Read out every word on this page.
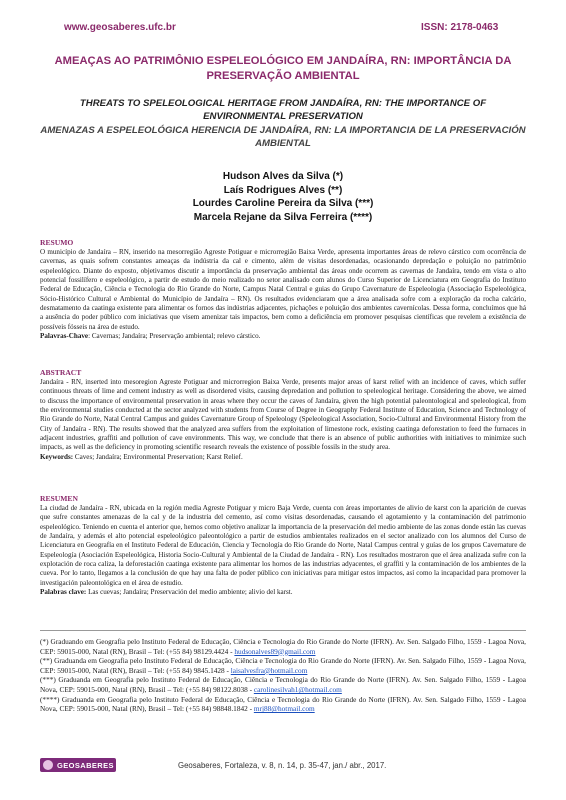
www.geosaberes.ufc.br	ISSN: 2178-0463
AMEAÇAS AO PATRIMÔNIO ESPELEOLÓGICO EM JANDAÍRA, RN: IMPORTÂNCIA DA PRESERVAÇÃO AMBIENTAL
THREATS TO SPELEOLOGICAL HERITAGE FROM JANDAÍRA, RN: THE IMPORTANCE OF ENVIRONMENTAL PRESERVATION
AMENAZAS A ESPELEOLÓGICA HERENCIA DE JANDAÍRA, RN: LA IMPORTANCIA DE LA PRESERVACIÓN AMBIENTAL
Hudson Alves da Silva (*)
Laís Rodrigues Alves (**)
Lourdes Caroline Pereira da Silva (***)
Marcela Rejane da Silva Ferreira (****)
RESUMO
O município de Jandaíra – RN, inserido na mesorregião Agreste Potiguar e microrregião Baixa Verde, apresenta importantes áreas de relevo cárstico com ocorrência de cavernas, as quais sofrem constantes ameaças da indústria da cal e cimento, além de visitas desordenadas, ocasionando depredação e poluição no patrimônio espeleológico. Diante do exposto, objetivamos discutir a importância da preservação ambiental das áreas onde ocorrem as cavernas de Jandaíra, tendo em vista o alto potencial fossilífero e espeleológico, a partir de estudo do meio realizado no setor analisado com alunos do Curso Superior de Licenciatura em Geografia do Instituto Federal de Educação, Ciência e Tecnologia do Rio Grande do Norte, Campus Natal Central e guias do Grupo Cavernature de Espeleologia (Associação Espeleológica, Sócio-Histórico Cultural e Ambiental do Município de Jandaíra – RN). Os resultados evidenciaram que a área analisada sofre com a exploração da rocha calcário, desmatamento da caatinga existente para alimentar os fornos das indústrias adjacentes, pichações e poluição dos ambientes cavernícolas. Dessa forma, concluímos que há a ausência do poder público com iniciativas que visem amenizar tais impactos, bem como a deficiência em promover pesquisas científicas que revelem a existência de possíveis fósseis na área de estudo.
Palavras-Chave: Cavernas; Jandaíra; Preservação ambiental; relevo cárstico.
ABSTRACT
Jandaíra - RN, inserted into mesoregion Agreste Potiguar and microrregion Baixa Verde, presents major areas of karst relief with an incidence of caves, which suffer continuous threats of lime and cement industry as well as disordered visits, causing depredation and pollution to speleological heritage. Considering the above, we aimed to discuss the importance of environmental preservation in areas where they occur the caves of Jandaíra, given the high potential paleontological and speleological, from the environmental studies conducted at the sector analyzed with students from Course of Degree in Geography Federal Institute of Education, Science and Technology of Rio Grande do Norte, Natal Central Campus and guides Cavernature Group of Speleology (Speleological Association, Socio-Cultural and Environmental History from the City of Jandaíra - RN). The results showed that the analyzed area suffers from the exploitation of limestone rock, existing caatinga deforestation to feed the furnaces in adjacent industries, graffiti and pollution of cave environments. This way, we conclude that there is an absence of public authorities with initiatives to minimize such impacts, as well as the deficiency in promoting scientific research reveals the existence of possible fossils in the study area.
Keywords: Caves; Jandaíra; Environmental Preservation; Karst Relief.
RESUMEN
La ciudad de Jandaíra - RN, ubicada en la región media Agreste Potiguar y micro Baja Verde, cuenta con áreas importantes de alivio de karst con la aparición de cuevas que sufre constantes amenazas de la cal y de la industria del cemento, así como visitas desordenadas, causando el agotamiento y la contaminación del patrimonio espeleológico. Teniendo en cuenta el anterior que, hemos como objetivo analizar la importancia de la preservación del medio ambiente de las zonas donde están las cuevas de Jandaíra, y además el alto potencial espeleológico paleontológico a partir de estudios ambientales realizados en el sector analizado con los alumnos del Curso de Licenciatura en Geografía en el Instituto Federal de Educación, Ciencia y Tecnología do Rio Grande do Norte, Natal Campus central y guías de los grupos Cavernature de Espeleología (Asociación Espeleológica, Historia Socio-Cultural y Ambiental de la Ciudad de Jandaíra - RN). Los resultados mostraron que el área analizada sufre con la explotación de roca caliza, la deforestación caatinga existente para alimentar los hornos de las industrias adyacentes, el graffiti y la contaminación de los ambientes de la cueva. Por lo tanto, llegamos a la conclusión de que hay una falta de poder público con iniciativas para mitigar estos impactos, así como la incapacidad para promover la investigación paleontológica en el área de estudio.
Palabras clave: Las cuevas; Jandaíra; Preservación del medio ambiente; alivio del karst.
(*) Graduando em Geografia pelo Instituto Federal de Educação, Ciência e Tecnologia do Rio Grande do Norte (IFRN). Av. Sen. Salgado Filho, 1559 - Lagoa Nova, CEP: 59015-000, Natal (RN), Brasil – Tel: (+55 84) 98129.4424 - hudsonalves89@gmail.com
(**) Graduanda em Geografia pelo Instituto Federal de Educação, Ciência e Tecnologia do Rio Grande do Norte (IFRN). Av. Sen. Salgado Filho, 1559 - Lagoa Nova, CEP: 59015-000, Natal (RN), Brasil – Tel: (+55 84) 9845.1428 - laisalvesfra@hotmail.com
(***) Graduanda em Geografia pelo Instituto Federal de Educação, Ciência e Tecnologia do Rio Grande do Norte (IFRN). Av. Sen. Salgado Filho, 1559 - Lagoa Nova, CEP: 59015-000, Natal (RN), Brasil – Tel: (+55 84) 98122.8038 - carolinesilvah1@hotmail.com
(****) Graduanda em Geografia pelo Instituto Federal de Educação, Ciência e Tecnologia do Rio Grande do Norte (IFRN). Av. Sen. Salgado Filho, 1559 - Lagoa Nova, CEP: 59015-000, Natal (RN), Brasil – Tel: (+55 84) 98848.1842 - mrj88@hotmail.com
GEOSABERES	Geosaberes, Fortaleza, v. 8, n. 14, p. 35-47, jan./ abr., 2017.
